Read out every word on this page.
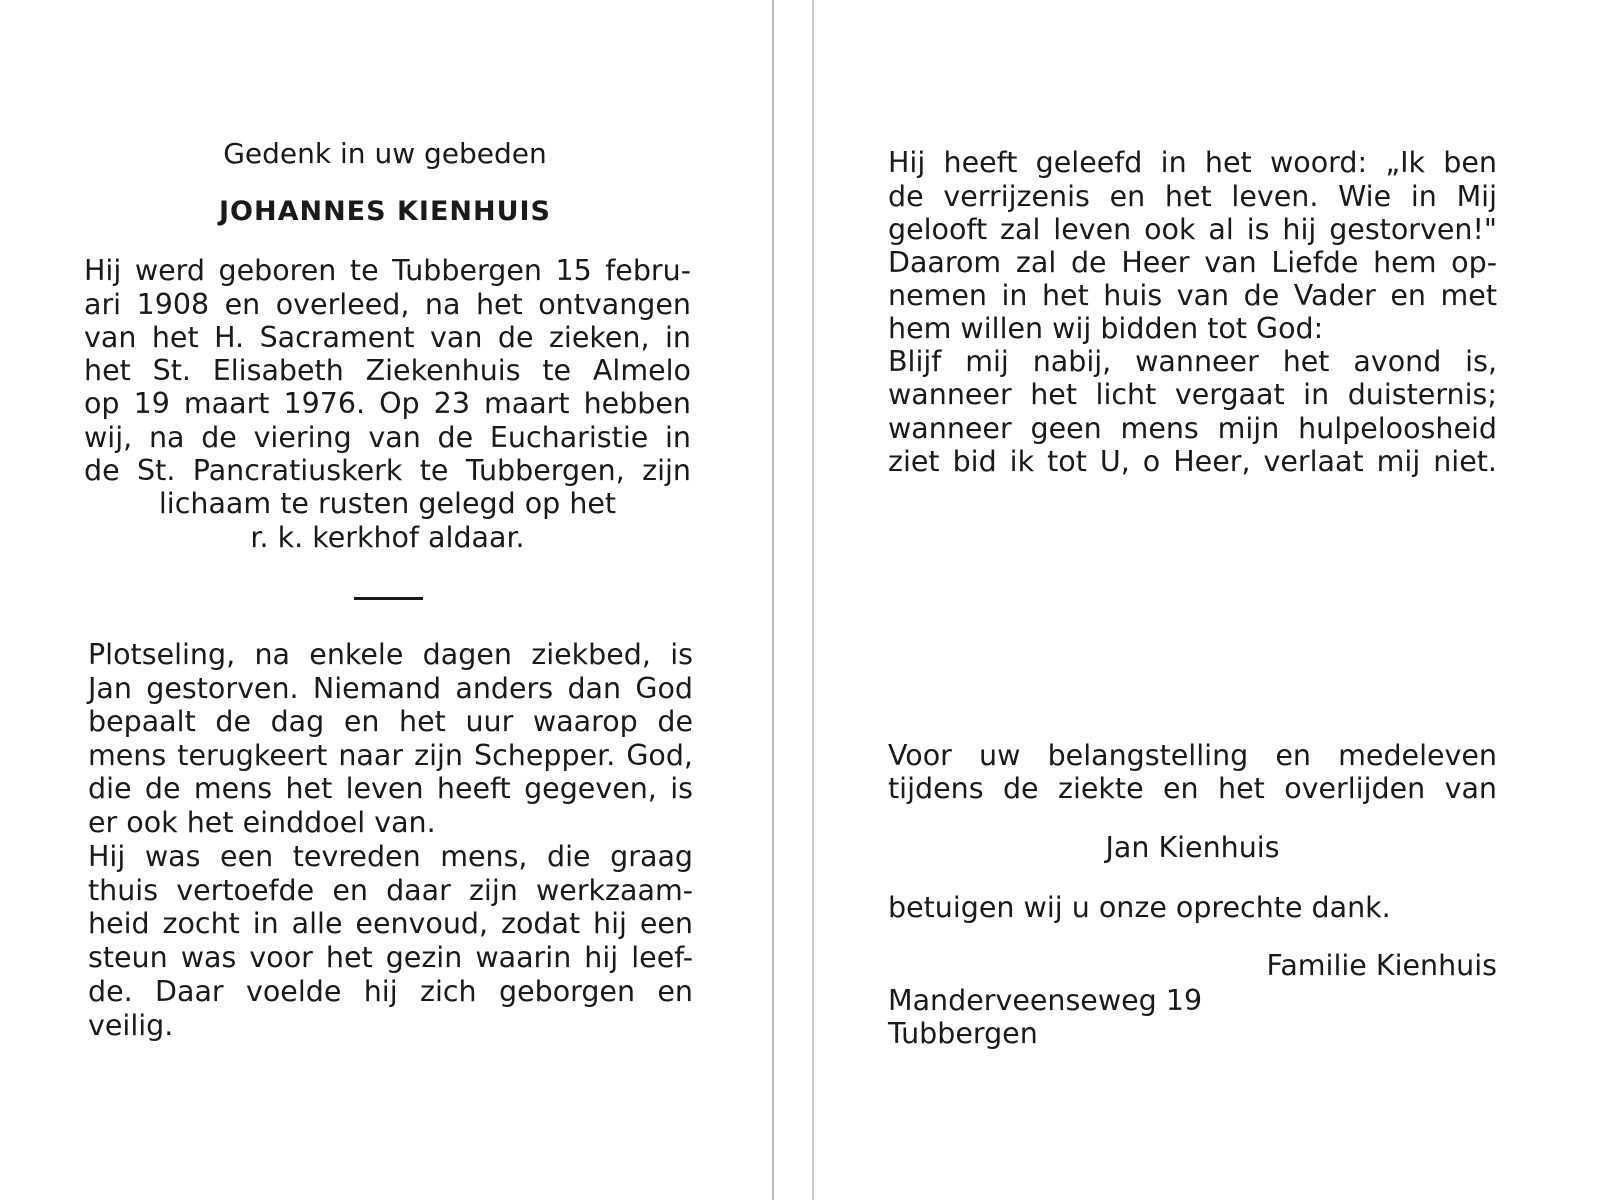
Gedenk in uw gebeden
JOHANNES KIENHUIS
Hij werd geboren te Tubbergen 15 febru-
ari 1908 en overleed, na het ontvangen
van het H. Sacrament van de zieken, in
het St. Elisabeth Ziekenhuis te Almelo
op 19 maart 1976. Op 23 maart hebben
wij, na de viering van de Eucharistie in
de St. Pancratiuskerk te Tubbergen, zijn
lichaam te rusten gelegd op het
r. k. kerkhof aldaar.
Plotseling, na enkele dagen ziekbed, is
Jan gestorven. Niemand anders dan God
bepaalt de dag en het uur waarop de
mens terugkeert naar zijn Schepper. God,
die de mens het leven heeft gegeven, is
er ook het einddoel van.
Hij was een tevreden mens, die graag
thuis vertoefde en daar zijn werkzaam-
heid zocht in alle eenvoud, zodat hij een
steun was voor het gezin waarin hij leef-
de. Daar voelde hij zich geborgen en
veilig.
Hij heeft geleefd in het woord: „Ik ben
de verrijzenis en het leven. Wie in Mij
gelooft zal leven ook al is hij gestorven!"
Daarom zal de Heer van Liefde hem op-
nemen in het huis van de Vader en met
hem willen wij bidden tot God:
Blijf mij nabij, wanneer het avond is,
wanneer het licht vergaat in duisternis;
wanneer geen mens mijn hulpeloosheid
ziet bid ik tot U, o Heer, verlaat mij niet.
Voor uw belangstelling en medeleven
tijdens de ziekte en het overlijden van
Jan Kienhuis
betuigen wij u onze oprechte dank.
Familie Kienhuis
Manderveenseweg 19
Tubbergen
